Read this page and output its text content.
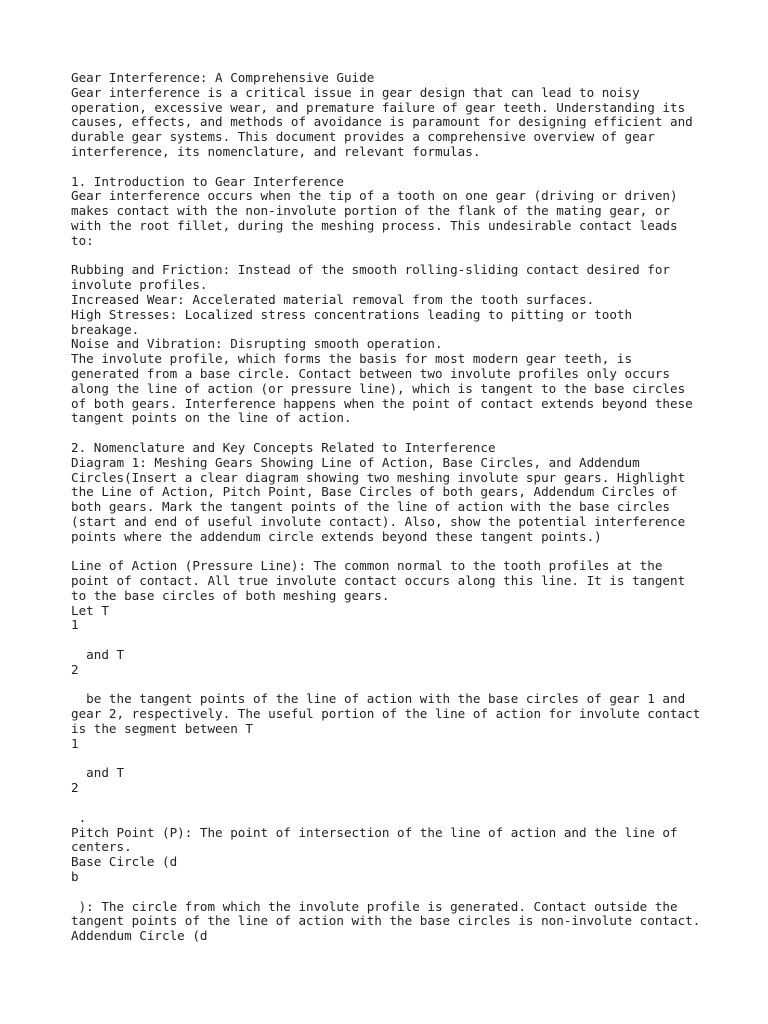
Gear Interference: A Comprehensive Guide
Gear interference is a critical issue in gear design that can lead to noisy
operation, excessive wear, and premature failure of gear teeth. Understanding its
causes, effects, and methods of avoidance is paramount for designing efficient and
durable gear systems. This document provides a comprehensive overview of gear
interference, its nomenclature, and relevant formulas.
1. Introduction to Gear Interference
Gear interference occurs when the tip of a tooth on one gear (driving or driven)
makes contact with the non-involute portion of the flank of the mating gear, or
with the root fillet, during the meshing process. This undesirable contact leads
to:
Rubbing and Friction: Instead of the smooth rolling-sliding contact desired for
involute profiles.
Increased Wear: Accelerated material removal from the tooth surfaces.
High Stresses: Localized stress concentrations leading to pitting or tooth
breakage.
Noise and Vibration: Disrupting smooth operation.
The involute profile, which forms the basis for most modern gear teeth, is
generated from a base circle. Contact between two involute profiles only occurs
along the line of action (or pressure line), which is tangent to the base circles
of both gears. Interference happens when the point of contact extends beyond these
tangent points on the line of action.
2. Nomenclature and Key Concepts Related to Interference
Diagram 1: Meshing Gears Showing Line of Action, Base Circles, and Addendum
Circles(Insert a clear diagram showing two meshing involute spur gears. Highlight
the Line of Action, Pitch Point, Base Circles of both gears, Addendum Circles of
both gears. Mark the tangent points of the line of action with the base circles
(start and end of useful involute contact). Also, show the potential interference
points where the addendum circle extends beyond these tangent points.)
Line of Action (Pressure Line): The common normal to the tooth profiles at the
point of contact. All true involute contact occurs along this line. It is tangent
to the base circles of both meshing gears.
Let T
1
and T
2
be the tangent points of the line of action with the base circles of gear 1 and
gear 2, respectively. The useful portion of the line of action for involute contact
is the segment between T
1
and T
2
.
Pitch Point (P): The point of intersection of the line of action and the line of
centers.
Base Circle (d
b
): The circle from which the involute profile is generated. Contact outside the
tangent points of the line of action with the base circles is non-involute contact.
Addendum Circle (d
